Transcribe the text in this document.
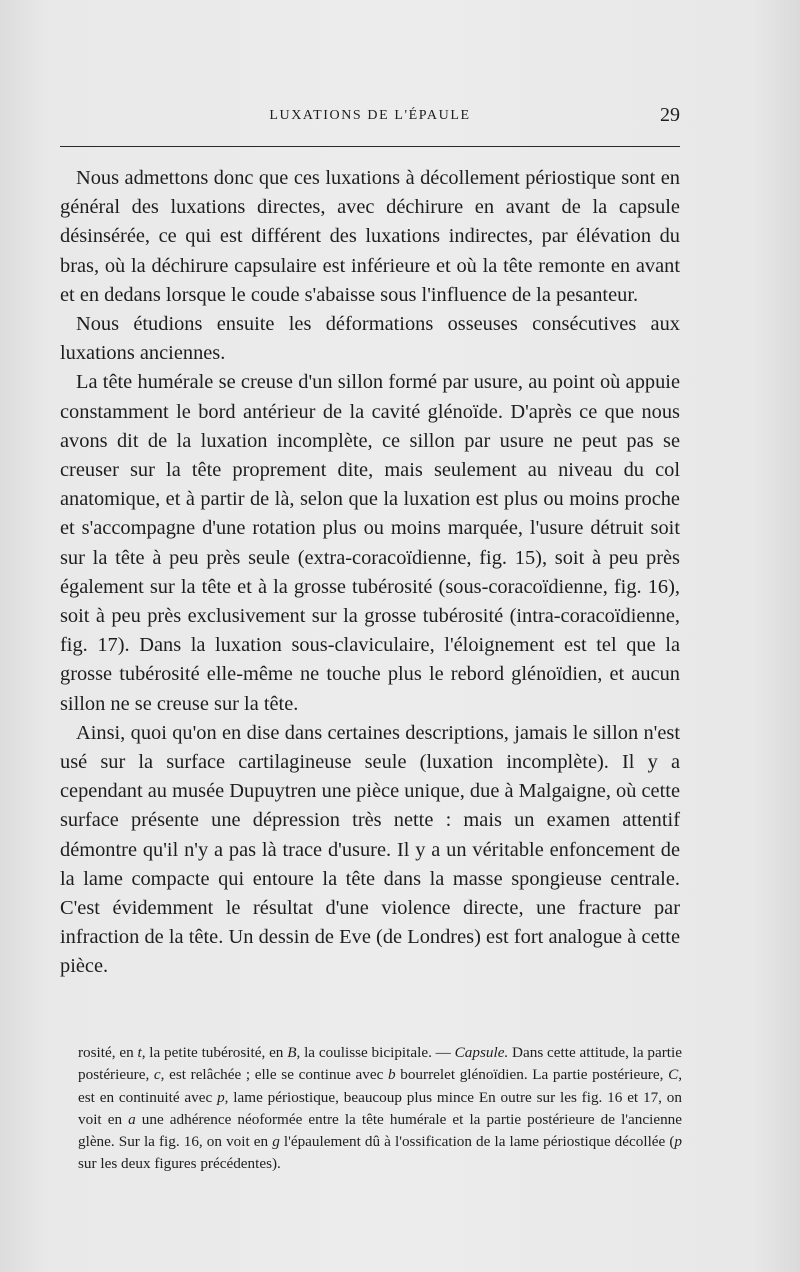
LUXATIONS DE L'ÉPAULE	29

Nous admettons donc que ces luxations à décollement périostique sont en général des luxations directes, avec déchirure en avant de la capsule désinsérée, ce qui est différent des luxations indirectes, par élévation du bras, où la déchirure capsulaire est inférieure et où la tête remonte en avant et en dedans lorsque le coude s'abaisse sous l'influence de la pesanteur.

Nous étudions ensuite les déformations osseuses consécutives aux luxations anciennes.

La tête humérale se creuse d'un sillon formé par usure, au point où appuie constamment le bord antérieur de la cavité glénoïde. D'après ce que nous avons dit de la luxation incomplète, ce sillon par usure ne peut pas se creuser sur la tête proprement dite, mais seulement au niveau du col anatomique, et à partir de là, selon que la luxation est plus ou moins proche et s'accompagne d'une rotation plus ou moins marquée, l'usure détruit soit sur la tête à peu près seule (extra-coracoïdienne, fig. 15), soit à peu près également sur la tête et à la grosse tubérosité (sous-coracoïdienne, fig. 16), soit à peu près exclusivement sur la grosse tubérosité (intra-coracoïdienne, fig. 17). Dans la luxation sous-claviculaire, l'éloignement est tel que la grosse tubérosité elle-même ne touche plus le rebord glénoïdien, et aucun sillon ne se creuse sur la tête.

Ainsi, quoi qu'on en dise dans certaines descriptions, jamais le sillon n'est usé sur la surface cartilagineuse seule (luxation incomplète). Il y a cependant au musée Dupuytren une pièce unique, due à Malgaigne, où cette surface présente une dépression très nette : mais un examen attentif démontre qu'il n'y a pas là trace d'usure. Il y a un véritable enfoncement de la lame compacte qui entoure la tête dans la masse spongieuse centrale. C'est évidemment le résultat d'une violence directe, une fracture par infraction de la tête. Un dessin de Eve (de Londres) est fort analogue à cette pièce.

rosité, en t, la petite tubérosité, en B, la coulisse bicipitale. — Capsule. Dans cette attitude, la partie postérieure, c, est relâchée ; elle se continue avec b bourrelet glénoïdien. La partie postérieure, C, est en continuité avec p, lame périostique, beaucoup plus mince En outre sur les fig. 16 et 17, on voit en a une adhérence néoformée entre la tête humérale et la partie postérieure de l'ancienne glène. Sur la fig. 16, on voit en g l'épaulement dû à l'ossification de la lame périostique décollée (p sur les deux figures précédentes).
